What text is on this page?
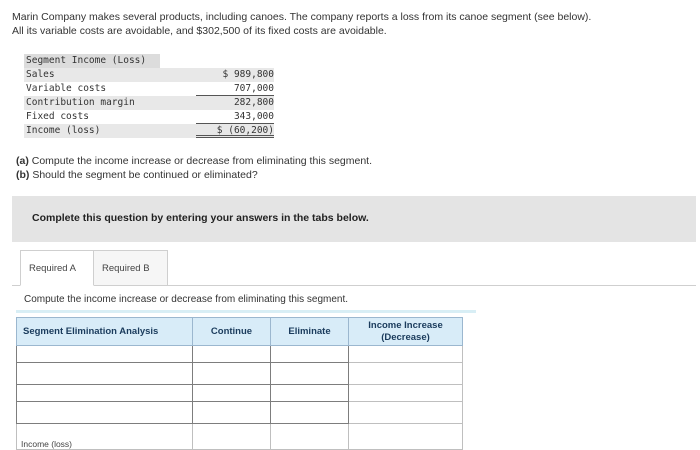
Marin Company makes several products, including canoes. The company reports a loss from its canoe segment (see below).
All its variable costs are avoidable, and $302,500 of its fixed costs are avoidable.
Segment Income (Loss)
Sales	$ 989,800
Variable costs	707,000
Contribution margin	282,800
Fixed costs	343,000
Income (loss)	$ (60,200)
(a) Compute the income increase or decrease from eliminating this segment.
(b) Should the segment be continued or eliminated?
Complete this question by entering your answers in the tabs below.
Required A	Required B
Compute the income increase or decrease from eliminating this segment.
Segment Elimination Analysis	Continue	Eliminate	Income Increase
(Decrease)

Income (loss)			
